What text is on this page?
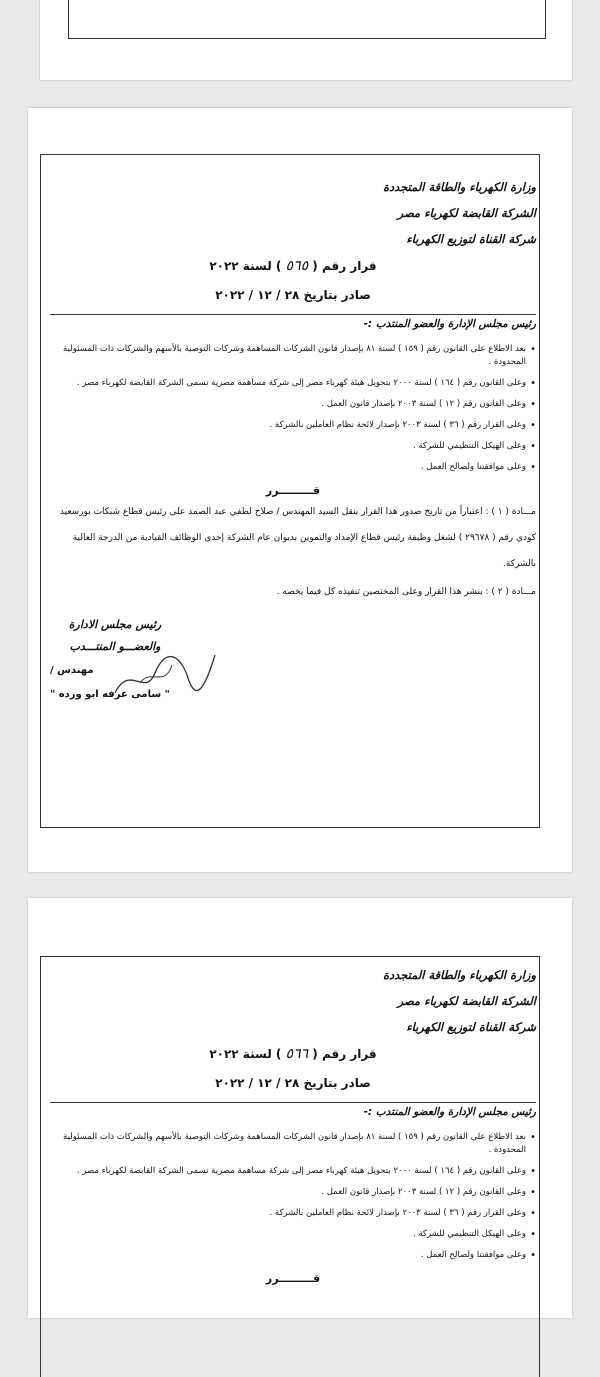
وزارة الكهرباء والطاقة المتجددة
الشركة القابضة لكهرباء مصر
شركة القناة لتوزيع الكهرباء
قرار رقم ( ٥٦٥ ) لسنة ٢٠٢٢
صادر بتاريخ ٢٨ / ١٢ / ٢٠٢٢
رئيس مجلس الإدارة والعضو المنتدب :-
• بعد الاطلاع على القانون رقم ( ١٥٩ ) لسنة ٨١ بإصدار قانون الشركات المساهمة وشركات التوصية بالأسهم والشركات ذات المسئولية المحدودة .
• وعلى القانون رقم ( ١٦٤ ) لسنة ٢٠٠٠ بتحويل هيئة كهرباء مصر إلى شركة مساهمة مصرية تسمى الشركة القابضة لكهرباء مصر .
• وعلى القانون رقم ( ١٢ ) لسنة ٢٠٠٣ بإصدار قانون العمل .
• وعلى القرار رقم ( ٣٦ ) لسنة ٢٠٠٣ بإصدار لائحة نظام العاملين بالشركة .
• وعلى الهيكل التنظيمي للشركة .
• وعلى موافقتنا ولصالح العمل .
قـــــــــرر
مـــادة ( ١ ) : اعتباراً من تاريخ صدور هذا القرار ينقل السيد المهندس / صلاح لطفي عبد الصمد على رئيس قطاع شبكات بورسعيد كودي رقم ( ٢٩٦٧٨ ) لشغل وظيفة رئيس قطاع الإمداد والتموين بديوان عام الشركة إحدى الوظائف القيادية من الدرجة العالية بالشركة.
مـــادة ( ٢ ) : ينشر هذا القرار وعلى المختصين تنفيذه كل فيما يخصه .
رئيس مجلس الادارة
والعضـــو المنتـــدب
مهندس /
" سامى عرفه ابو ورده "
وزارة الكهرباء والطاقة المتجددة
الشركة القابضة لكهرباء مصر
شركة القناة لتوزيع الكهرباء
قرار رقم ( ٥٦٦ ) لسنة ٢٠٢٢
صادر بتاريخ ٢٨ / ١٢ / ٢٠٢٢
رئيس مجلس الإدارة والعضو المنتدب :-
• بعد الاطلاع على القانون رقم ( ١٥٩ ) لسنة ٨١ بإصدار قانون الشركات المساهمة وشركات التوصية بالأسهم والشركات ذات المسئولية المحدودة .
• وعلى القانون رقم ( ١٦٤ ) لسنة ٢٠٠٠ بتحويل هيئة كهرباء مصر إلى شركة مساهمة مصرية تسمى الشركة القابضة لكهرباء مصر .
• وعلى القانون رقم ( ١٢ ) لسنة ٢٠٠٣ بإصدار قانون العمل .
• وعلى القرار رقم ( ٣٦ ) لسنة ٢٠٠٣ بإصدار لائحة نظام العاملين بالشركة .
• وعلى الهيكل التنظيمي للشركة .
• وعلى موافقتنا ولصالح العمل .
قـــــــــرر
